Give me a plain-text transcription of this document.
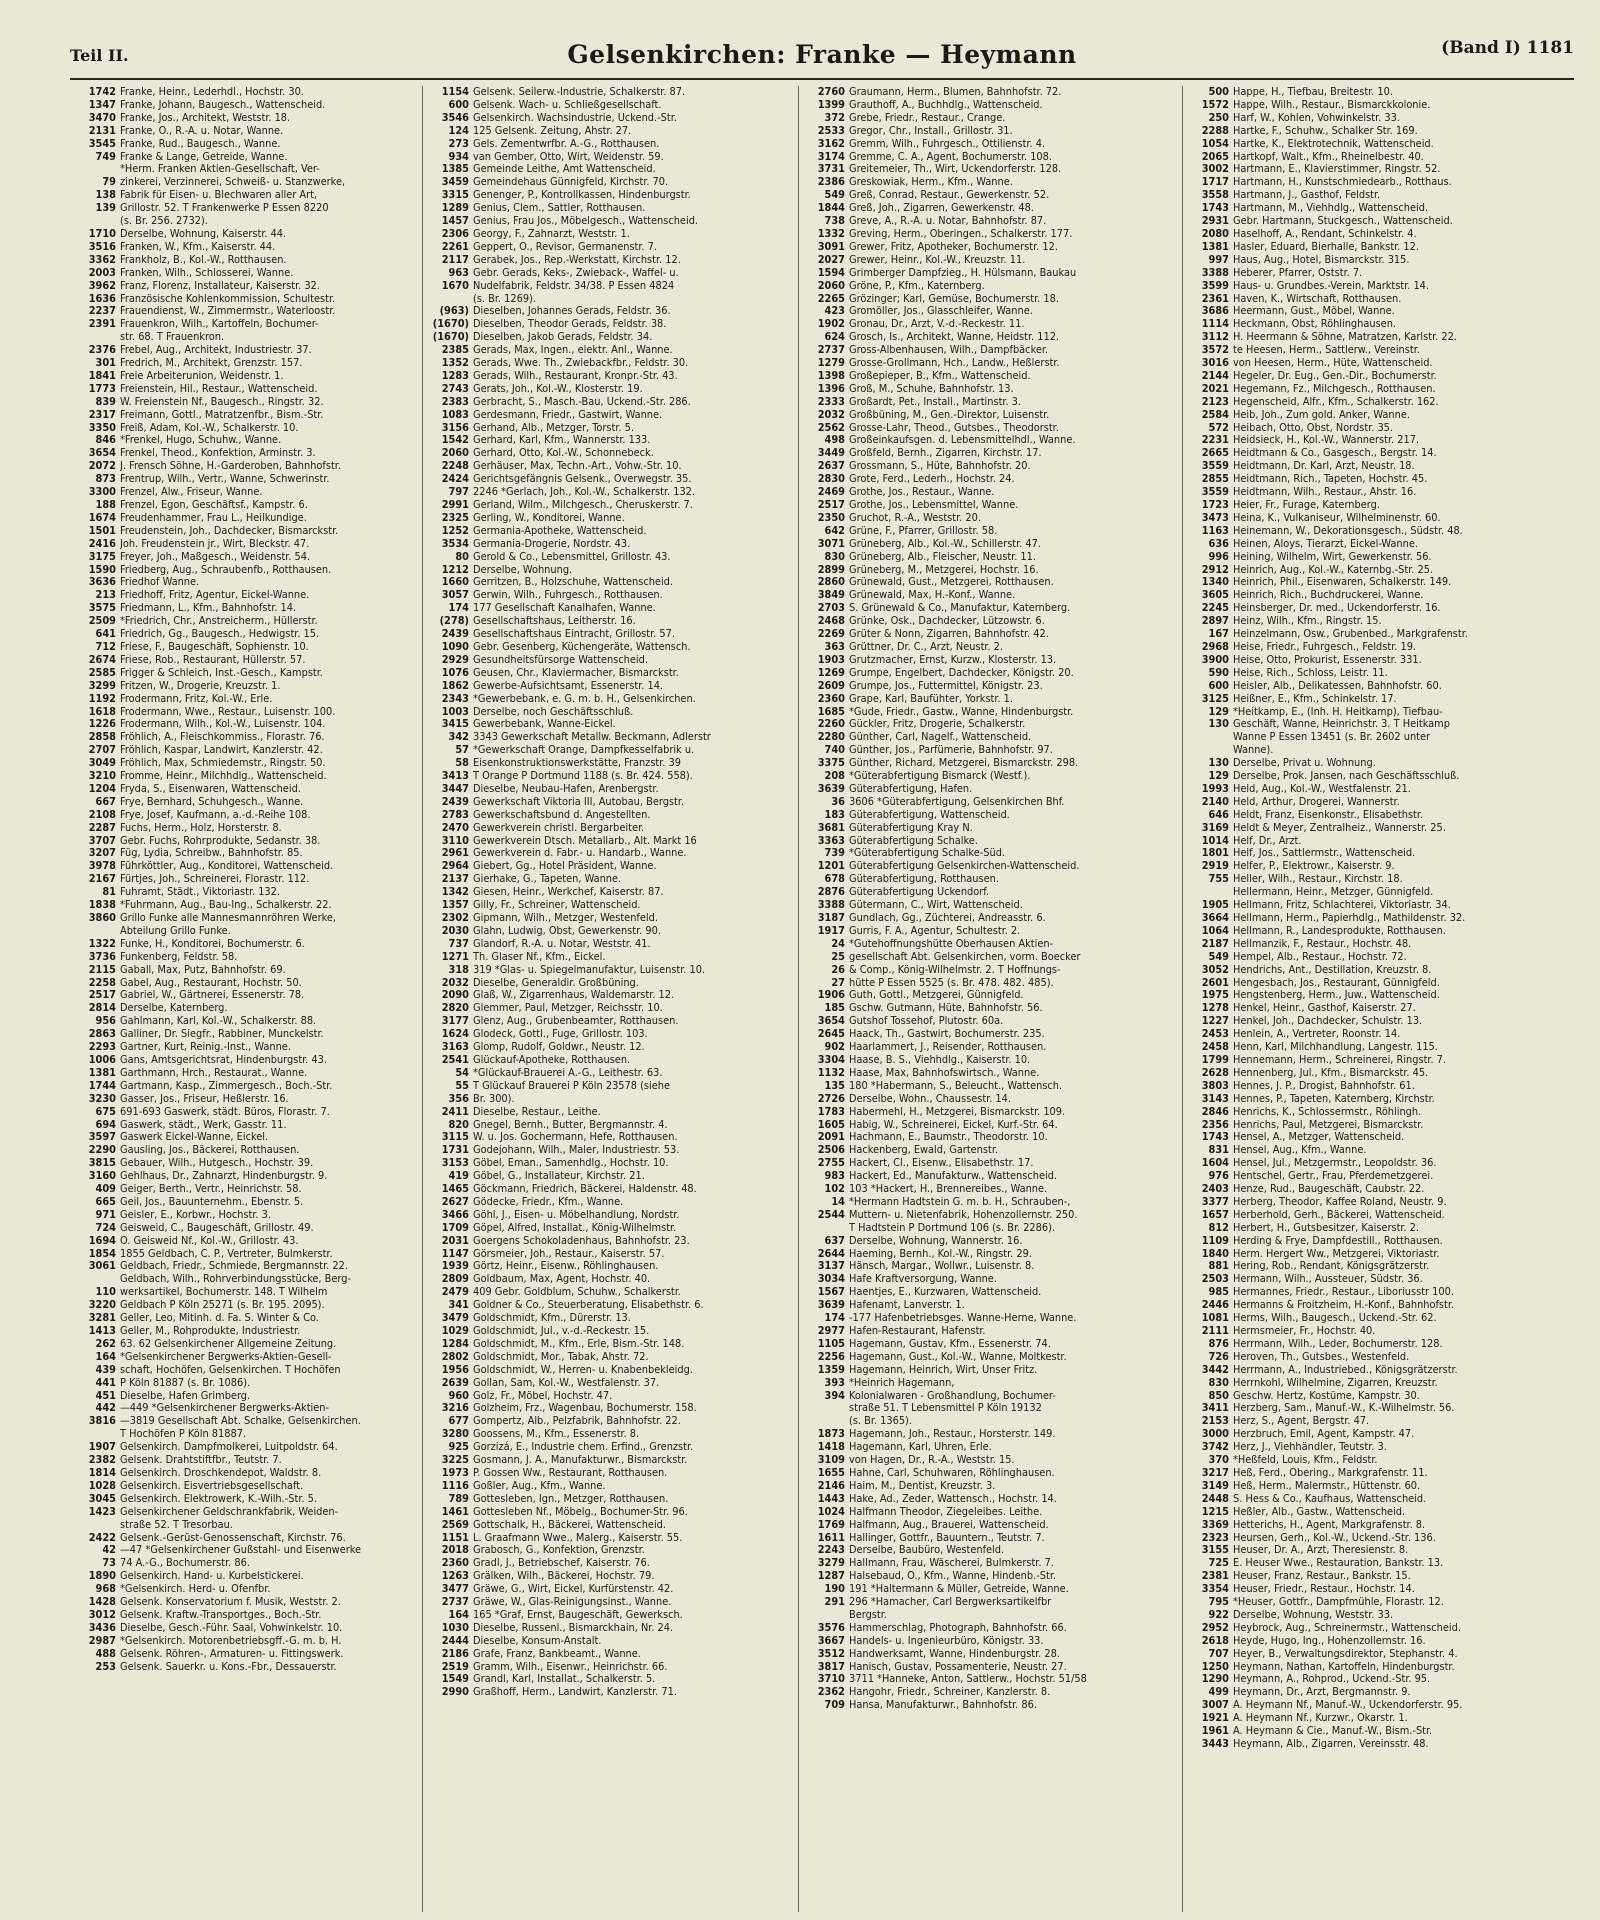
Teil II.	Gelsenkirchen: Franke — Heymann	(Band I) 1181
1742 Franke, Heinr., Lederhdl., Hochstr. 30.
1347 Franke, Johann, Baugesch., Wattenscheid.
3470 Franke, Jos., Architekt, Weststr. 18.
2131 Franke, O., R.-A. u. Notar, Wanne.
3545 Franke, Rud., Baugesch., Wanne.
749 Franke & Lange, Getreide, Wanne.
*Herm. Franken Aktien-Gesellschaft, Ver-
79 zinkerei, Verzinnerei, Schweiß- u. Stanzwerke,
138 Fabrik für Eisen- u. Blechwaren aller Art,
139 Grillostr. 52. T Frankenwerke P Essen 8220
(s. Br. 256. 2732).
1710 Derselbe, Wohnung, Kaiserstr. 44.
3516 Franken, W., Kfm., Kaiserstr. 44.
3362 Frankholz, B., Kol.-W., Rotthausen.
2003 Franken, Wilh., Schlosserei, Wanne.
3962 Franz, Florenz, Installateur, Kaiserstr. 32.
1636 Französische Kohlenkommission, Schultestr.
2237 Frauendienst, W., Zimmermstr., Waterloostr.
2391 Frauenkron, Wilh., Kartoffeln, Bochumer-
str. 68. T Frauenkron.
2376 Frebel, Aug., Architekt, Industriestr. 37.
301 Fredrich, M., Architekt, Grenzstr. 157.
1841 Freie Arbeiterunion, Weidenstr. 1.
1773 Freienstein, Hil., Restaur., Wattenscheid.
839 W. Freienstein Nf., Baugesch., Ringstr. 32.
2317 Freimann, Gottl., Matratzenfbr., Bism.-Str.
3350 Freiß, Adam, Kol.-W., Schalkerstr. 10.
846 *Frenkel, Hugo, Schuhw., Wanne.
3654 Frenkel, Theod., Konfektion, Arminstr. 3.
2072 J. Frensch Söhne, H.-Garderoben, Bahnhofstr.
873 Frentrup, Wilh., Vertr., Wanne, Schwerinstr.
3300 Frenzel, Alw., Friseur, Wanne.
188 Frenzel, Egon, Geschäftsf., Kampstr. 6.
1674 Freudenhammer, Frau L., Heilkundige.
1501 Freudenstein, Joh., Dachdecker, Bismarckstr.
2416 Joh. Freudenstein jr., Wirt, Bleckstr. 47.
3175 Freyer, Joh., Maßgesch., Weidenstr. 54.
1590 Friedberg, Aug., Schraubenfb., Rotthausen.
3636 Friedhof Wanne.
213 Friedhoff, Fritz, Agentur, Eickel-Wanne.
3575 Friedmann, L., Kfm., Bahnhofstr. 14.
2509 *Friedrich, Chr., Anstreicherm., Hüllerstr.
641 Friedrich, Gg., Baugesch., Hedwigstr. 15.
712 Friese, F., Baugeschäft, Sophienstr. 10.
2674 Friese, Rob., Restaurant, Hüllerstr. 57.
2585 Frigger & Schleich, Inst.-Gesch., Kampstr.
3299 Fritzen, W., Drogerie, Kreuzstr. 1.
1192 Frodermann, Fritz, Kol.-W., Erle.
1618 Frodermann, Wwe., Restaur., Luisenstr. 100.
1226 Frodermann, Wilh., Kol.-W., Luisenstr. 104.
2858 Fröhlich, A., Fleischkommiss., Florastr. 76.
2707 Fröhlich, Kaspar, Landwirt, Kanzlerstr. 42.
3049 Fröhlich, Max, Schmiedemstr., Ringstr. 50.
3210 Fromme, Heinr., Milchhdlg., Wattenscheid.
1204 Fryda, S., Eisenwaren, Wattenscheid.
667 Frye, Bernhard, Schuhgesch., Wanne.
2108 Frye, Josef, Kaufmann, a.-d.-Reihe 108.
2287 Fuchs, Herm., Holz, Horsterstr. 8.
3707 Gebr. Fuchs, Rohrprodukte, Sedanstr. 38.
3207 Füg, Lydia, Schreibw., Bahnhofstr. 85.
3978 Führköttler, Aug., Konditorei, Wattenscheid.
2167 Fürtjes, Joh., Schreinerei, Florastr. 112.
81 Fuhramt, Städt., Viktoriastr. 132.
1838 *Fuhrmann, Aug., Bau-Ing., Schalkerstr. 22.
3860 Grillo Funke alle Mannesmannröhren Werke,
Abteilung Grillo Funke.
1322 Funke, H., Konditorei, Bochumerstr. 6.
3736 Funkenberg, Feldstr. 58.
2115 Gaball, Max, Putz, Bahnhofstr. 69.
2258 Gabel, Aug., Restaurant, Hochstr. 50.
2517 Gabriel, W., Gärtnerei, Essenerstr. 78.
2814 Derselbe, Katernberg.
956 Gahlmann, Karl, Kol.-W., Schalkerstr. 88.
2863 Galliner, Dr. Siegfr., Rabbiner, Munckelstr.
2293 Gartner, Kurt, Reinig.-Inst., Wanne.
1006 Gans, Amtsgerichtsrat, Hindenburgstr. 43.
1381 Garthmann, Hrch., Restaurat., Wanne.
1744 Gartmann, Kasp., Zimmergesch., Boch.-Str.
3230 Gasser, Jos., Friseur, Heßlerstr. 16.
675 691-693 Gaswerk, städt. Büros, Florastr. 7.
694 Gaswerk, städt., Werk, Gasstr. 11.
3597 Gaswerk Eickel-Wanne, Eickel.
2290 Gausling, Jos., Bäckerei, Rotthausen.
3815 Gebauer, Wilh., Hutgesch., Hochstr. 39.
3160 Gehlhaus, Dr., Zahnarzt, Hindenburgstr. 9.
409 Geiger, Berth., Vertr., Heinrichstr. 58.
665 Geil, Jos., Bauunternehm., Ebenstr. 5.
971 Geisler, E., Korbwr., Hochstr. 3.
724 Geisweid, C., Baugeschäft, Grillostr. 49.
1694 O. Geisweid Nf., Kol.-W., Grillostr. 43.
1854 1855 Geldbach, C. P., Vertreter, Bulmkerstr.
3061 Geldbach, Friedr., Schmiede, Bergmannstr. 22.
Geldbach, Wilh., Rohrverbindungsstücke, Berg-
110 werksartikel, Bochumerstr. 148. T Wilhelm
3220 Geldbach P Köln 25271 (s. Br. 195. 2095).
3281 Geller, Leo, Mitinh. d. Fa. S. Winter & Co.
1413 Geller, M., Rohprodukte, Industriestr.
262 63. 62 Gelsenkirchener Allgemeine Zeitung.
164 *Gelsenkirchener Bergwerks-Aktien-Gesell-
439 schaft, Hochöfen, Gelsenkirchen. T Hochöfen
441 P Köln 81887 (s. Br. 1086).
451 Dieselbe, Hafen Grimberg.
442 —449 *Gelsenkirchener Bergwerks-Aktien-
3816 —3819 Gesellschaft Abt. Schalke, Gelsenkirchen.
T Hochöfen P Köln 81887.
1907 Gelsenkirch. Dampfmolkerei, Luitpoldstr. 64.
2382 Gelsenk. Drahtstiftfbr., Teutstr. 7.
1814 Gelsenkirch. Droschkendepot, Waldstr. 8.
1028 Gelsenkirch. Eisvertriebsgesellschaft.
3045 Gelsenkirch. Elektrowerk, K.-Wilh.-Str. 5.
1423 Gelsenkirchener Geldschrankfabrik, Weiden-
straße 52. T Tresorbau.
2422 Gelsenk.-Gerüst-Genossenschaft, Kirchstr. 76.
42 —47 *Gelsenkirchener Gußstahl- und Eisenwerke
73 74 A.-G., Bochumerstr. 86.
1890 Gelsenkirch. Hand- u. Kurbelstickerei.
968 *Gelsenkirch. Herd- u. Ofenfbr.
1428 Gelsenk. Konservatorium f. Musik, Weststr. 2.
3012 Gelsenk. Kraftw.-Transportges., Boch.-Str.
3436 Dieselbe, Gesch.-Führ. Saal, Vohwinkelstr. 10.
2987 *Gelsenkirch. Motorenbetriebsgff.-G. m. b. H.
488 Gelsenk. Röhren-, Armaturen- u. Fittingswerk.
253 Gelsenk. Sauerkr. u. Kons.-Fbr., Dessauerstr.
1154 Gelsenk. Seilerw.-Industrie, Schalkerstr. 87.
600 Gelsenk. Wach- u. Schließgesellschaft.
3546 Gelsenkirch. Wachsindustrie, Ückend.-Str.
124 125 Gelsenk. Zeitung, Ahstr. 27.
273 Gels. Zementwrfbr. A.-G., Rotthausen.
934 van Gember, Otto, Wirt, Weidenstr. 59.
1385 Gemeinde Leithe, Amt Wattenscheid.
3459 Gemeindehaus Günnigfeld, Kirchstr. 70.
3315 Genenger, P., Kontrollkassen, Hindenburgstr.
1289 Genius, Clem., Sattler, Rotthausen.
1457 Genius, Frau Jos., Möbelgesch., Wattenscheid.
2306 Georgy, F., Zahnarzt, Weststr. 1.
2261 Geppert, O., Revisor, Germanenstr. 7.
2117 Gerabek, Jos., Rep.-Werkstatt, Kirchstr. 12.
963 Gebr. Gerads, Keks-, Zwieback-, Waffel- u.
1670 Nudelfabrik, Feldstr. 34/38. P Essen 4824
(s. Br. 1269).
(963) Dieselben, Johannes Gerads, Feldstr. 36.
(1670) Dieselben, Theodor Gerads, Feldstr. 38.
(1670) Dieselben, Jakob Gerads, Feldstr. 34.
2385 Gerads, Max, Ingen., elektr. Anl., Wanne.
1352 Gerads, Wwe. Th., Zwiebackfbr., Feldstr. 30.
1283 Gerads, Wilh., Restaurant, Kronpr.-Str. 43.
2743 Gerats, Joh., Kol.-W., Klosterstr. 19.
2383 Gerbracht, S., Masch.-Bau, Ückend.-Str. 286.
1083 Gerdesmann, Friedr., Gastwirt, Wanne.
3156 Gerhand, Alb., Metzger, Torstr. 5.
1542 Gerhard, Karl, Kfm., Wannerstr. 133.
2060 Gerhard, Otto, Kol.-W., Schonnebeck.
2248 Gerhäuser, Max, Techn.-Art., Vohw.-Str. 10.
2424 Gerichtsgefängnis Gelsenk., Overwegstr. 35.
797 2246 *Gerlach, Joh., Kol.-W., Schalkerstr. 132.
2991 Gerland, Wilm., Milchgesch., Cheruskerstr. 7.
2325 Gerling, W., Konditorei, Wanne.
1252 Germania-Apotheke, Wattenscheid.
3534 Germania-Drogerie, Nordstr. 43.
80 Gerold & Co., Lebensmittel, Grillostr. 43.
1212 Derselbe, Wohnung.
1660 Gerritzen, B., Holzschuhe, Wattenscheid.
3057 Gerwin, Wilh., Fuhrgesch., Rotthausen.
174 177 Gesellschaft Kanalhafen, Wanne.
(278) Gesellschaftshaus, Leitherstr. 16.
2439 Gesellschaftshaus Eintracht, Grillostr. 57.
1090 Gebr. Gesenberg, Küchengeräte, Wattensch.
2929 Gesundheitsfürsorge Wattenscheid.
1076 Geusen, Chr., Klaviermacher, Bismarckstr.
1862 Gewerbe-Aufsichtsamt, Essenerstr. 14.
2343 *Gewerbebank, e. G. m. b. H., Gelsenkirchen.
1003 Derselbe, noch Geschäftsschluß.
3415 Gewerbebank, Wanne-Eickel.
342 3343 Gewerkschaft Metallw. Beckmann, Adlerstr
57 *Gewerkschaft Orange, Dampfkesselfabrik u.
58 Eisenkonstruktionswerkstätte, Franzstr. 39
3413 T Orange P Dortmund 1188 (s. Br. 424. 558).
3447 Dieselbe, Neubau-Hafen, Arenbergstr.
2439 Gewerkschaft Viktoria III, Autobau, Bergstr.
2783 Gewerkschaftsbund d. Angestellten.
2470 Gewerkverein christl. Bergarbeiter.
3110 Gewerkverein Dtsch. Metallarb., Alt. Markt 16
2961 Gewerkverein d. Fabr.- u. Handarb., Wanne.
2964 Giebert, Gg., Hotel Präsident, Wanne.
2137 Gierhake, G., Tapeten, Wanne.
1342 Giesen, Heinr., Werkchef, Kaiserstr. 87.
1357 Gilly, Fr., Schreiner, Wattenscheid.
2302 Gipmann, Wilh., Metzger, Westenfeld.
2030 Glahn, Ludwig, Obst, Gewerkenstr. 90.
737 Glandorf, R.-A. u. Notar, Weststr. 41.
1271 Th. Glaser Nf., Kfm., Eickel.
318 319 *Glas- u. Spiegelmanufaktur, Luisenstr. 10.
2032 Dieselbe, Generaldir. Großbüning.
2090 Glaß, W., Zigarrenhaus, Waldemarstr. 12.
2820 Glemmer, Paul, Metzger, Reichsstr. 10.
3177 Glenz, Aug., Grubenbeamter, Rotthausen.
1624 Glodeck, Gottl., Fuge, Grillostr. 103.
3163 Glomp, Rudolf, Goldwr., Neustr. 12.
2541 Glückauf-Apotheke, Rotthausen.
54 *Glückauf-Brauerei A.-G., Leithestr. 63.
55 T Glückauf Brauerei P Köln 23578 (siehe
356 Br. 300).
2411 Dieselbe, Restaur., Leithe.
820 Gnegel, Bernh., Butter, Bergmannstr. 4.
3115 W. u. Jos. Gochermann, Hefe, Rotthausen.
1731 Godejohann, Wilh., Maler, Industriestr. 53.
3153 Göbel, Eman., Samenhdlg., Hochstr. 10.
419 Göbel, G., Installateur, Kirchstr. 21.
1465 Göckmann, Friedrich, Bäckerei, Haldenstr. 48.
2627 Gödecke, Friedr., Kfm., Wanne.
3466 Göhl, J., Eisen- u. Möbelhandlung, Nordstr.
1709 Göpel, Alfred, Installat., König-Wilhelmstr.
2031 Goergens Schokoladenhaus, Bahnhofstr. 23.
1147 Görsmeier, Joh., Restaur., Kaiserstr. 57.
1939 Görtz, Heinr., Eisenw., Röhlinghausen.
2809 Goldbaum, Max, Agent, Hochstr. 40.
2479 409 Gebr. Goldblum, Schuhw., Schalkerstr.
341 Goldner & Co., Steuerberatung, Elisabethstr. 6.
3479 Goldschmidt, Kfm., Dürerstr. 13.
1029 Goldschmidt, Jul., v.-d.-Reckestr. 15.
1284 Goldschmidt, M., Kfm., Erle, Bism.-Str. 148.
2802 Goldschmidt, Mor., Tabak, Ahstr. 72.
1956 Goldschmidt, W., Herren- u. Knabenbekleidg.
2639 Gollan, Sam, Kol.-W., Westfalenstr. 37.
960 Golz, Fr., Möbel, Hochstr. 47.
3216 Golzheim, Frz., Wagenbau, Bochumerstr. 158.
677 Gompertz, Alb., Pelzfabrik, Bahnhofstr. 22.
3280 Goossens, M., Kfm., Essenerstr. 8.
925 Gorzizá, E., Industrie chem. Erfind., Grenzstr.
3225 Gosmann, J. A., Manufakturwr., Bismarckstr.
1973 P. Gossen Ww., Restaurant, Rotthausen.
1116 Goßler, Aug., Kfm., Wanne.
789 Gottesleben, Ign., Metzger, Rotthausen.
1461 Gottesleben Nf., Möbelg., Bochumer-Str. 96.
2569 Gottschalk, H., Bäckerei, Wattenscheid.
1151 L. Graafmann Wwe., Malerg., Kaiserstr. 55.
2018 Grabosch, G., Konfektion, Grenzstr.
2360 Gradl, J., Betriebschef, Kaiserstr. 76.
1263 Grälken, Wilh., Bäckerei, Hochstr. 79.
3477 Gräwe, G., Wirt, Eickel, Kurfürstenstr. 42.
2737 Gräwe, W., Glas-Reinigungsinst., Wanne.
164 165 *Graf, Ernst, Baugeschäft, Gewerksch.
1030 Dieselbe, Russenl., Bismarckhain, Nr. 24.
2444 Dieselbe, Konsum-Anstalt.
2186 Grafe, Franz, Bankbeamt., Wanne.
2519 Gramm, Wilh., Eisenwr., Heinrichstr. 66.
1549 Grandl, Karl, Installat., Schalkerstr. 5.
2990 Graßhoff, Herm., Landwirt, Kanzlerstr. 71.
2760 Graumann, Herm., Blumen, Bahnhofstr. 72.
1399 Grauthoff, A., Buchhdlg., Wattenscheid.
372 Grebe, Friedr., Restaur., Crange.
2533 Gregor, Chr., Install., Grillostr. 31.
3162 Gremm, Wilh., Fuhrgesch., Ottilienstr. 4.
3174 Gremme, C. A., Agent, Bochumerstr. 108.
3731 Greitemeier, Th., Wirt, Ückendorferstr. 128.
2386 Greskowiak, Herm., Kfm., Wanne.
549 Greß, Conrad, Restaur., Gewerkenstr. 52.
1844 Greß, Joh., Zigarren, Gewerkenstr. 48.
738 Greve, A., R.-A. u. Notar, Bahnhofstr. 87.
1332 Greving, Herm., Oberingen., Schalkerstr. 177.
3091 Grewer, Fritz, Apotheker, Bochumerstr. 12.
2027 Grewer, Heinr., Kol.-W., Kreuzstr. 11.
1594 Grimberger Dampfzieg., H. Hülsmann, Baukau
2060 Gröne, P., Kfm., Katernberg.
2265 Grözinger; Karl, Gemüse, Bochumerstr. 18.
423 Gromöller, Jos., Glasschleifer, Wanne.
1902 Gronau, Dr., Arzt, V.-d.-Reckestr. 11.
624 Grosch, Is., Architekt, Wanne, Heidstr. 112.
2737 Gross-Albenhausen, Wilh., Dampfbäcker.
1279 Grosse-Grollmann, Hch., Landw., Heßlerstr.
1398 Großepieper, B., Kfm., Wattenscheid.
1396 Groß, M., Schuhe, Bahnhofstr. 13.
2333 Großardt, Pet., Install., Martinstr. 3.
2032 Großbüning, M., Gen.-Direktor, Luisenstr.
2562 Grosse-Lahr, Theod., Gutsbes., Theodorstr.
498 Großeinkaufsgen. d. Lebensmittelhdl., Wanne.
3449 Großfeld, Bernh., Zigarren, Kirchstr. 17.
2637 Grossmann, S., Hüte, Bahnhofstr. 20.
2830 Grote, Ferd., Lederh., Hochstr. 24.
2469 Grothe, Jos., Restaur., Wanne.
2517 Grothe, Jos., Lebensmittel, Wanne.
2350 Gruchot, R.-A., Weststr. 20.
642 Grüne, F., Pfarrer, Grillostr. 58.
3071 Grüneberg, Alb., Kol.-W., Schillerstr. 47.
830 Grüneberg, Alb., Fleischer, Neustr. 11.
2899 Grüneberg, M., Metzgerei, Hochstr. 16.
2860 Grünewald, Gust., Metzgerei, Rotthausen.
3849 Grünewald, Max, H.-Konf., Wanne.
2703 S. Grünewald & Co., Manufaktur, Katernberg.
2468 Grünke, Osk., Dachdecker, Lützowstr. 6.
2269 Grüter & Nonn, Zigarren, Bahnhofstr. 42.
363 Grüttner, Dr. C., Arzt, Neustr. 2.
1903 Grutzmacher, Ernst, Kurzw., Klosterstr. 13.
1269 Grumpe, Engelbert, Dachdecker, Königstr. 20.
2609 Grumpe, Jos., Futtermittel, Königstr. 23.
2360 Grape, Karl, Baufühter, Yorkstr. 1.
1685 *Gude, Friedr., Gastw., Wanne, Hindenburgstr.
2260 Gückler, Fritz, Drogerie, Schalkerstr.
2280 Günther, Carl, Nagelf., Wattenscheid.
740 Günther, Jos., Parfümerie, Bahnhofstr. 97.
3375 Günther, Richard, Metzgerei, Bismarckstr. 298.
208 *Güterabfertigung Bismarck (Westf.).
3639 Güterabfertigung, Hafen.
36 3606 *Güterabfertigung, Gelsenkirchen Bhf.
183 Güterabfertigung, Wattenscheid.
3681 Güterabfertigung Kray N.
3363 Güterabfertigung Schalke.
739 *Güterabfertigung Schalke-Süd.
1201 Güterabfertigung Gelsenkirchen-Wattenscheid.
678 Güterabfertigung, Rotthausen.
2876 Güterabfertigung Ückendorf.
3388 Gütermann, C., Wirt, Wattenscheid.
3187 Gundlach, Gg., Züchterei, Andreasstr. 6.
1917 Gurris, F. A., Agentur, Schultestr. 2.
24 *Gutehoffnungshütte Oberhausen Aktien-
25 gesellschaft Abt. Gelsenkirchen, vorm. Boecker
26 & Comp., König-Wilhelmstr. 2. T Hoffnungs-
27 hütte P Essen 5525 (s. Br. 478. 482. 485).
1906 Guth, Gottl., Metzgerei, Günnigfeld.
185 Gschw. Gutmann, Hüte, Bahnhofstr. 56.
3654 Gutshof Tossehof, Plutostr. 60a.
2645 Haack, Th., Gastwirt, Bochumerstr. 235.
902 Haarlammert, J., Reisender, Rotthausen.
3304 Haase, B. S., Viehhdlg., Kaiserstr. 10.
1132 Haase, Max, Bahnhofswirtsch., Wanne.
135 180 *Habermann, S., Beleucht., Wattensch.
2726 Derselbe, Wohn., Chaussestr. 14.
1783 Habermehl, H., Metzgerei, Bismarckstr. 109.
1605 Habig, W., Schreinerei, Eickel, Kurf.-Str. 64.
2091 Hachmann, E., Baumstr., Theodorstr. 10.
2506 Hackenberg, Ewald, Gartenstr.
2755 Hackert, Cl., Eisenw., Elisabethstr. 17.
983 Hackert, Ed., Manufakturw., Wattenscheid.
102 103 *Hackert, H., Brennereibes., Wanne.
14 *Hermann Hadtstein G. m. b. H., Schrauben-,
2544 Muttern- u. Nietenfabrik, Hohenzollernstr. 250.
T Hadtstein P Dortmund 106 (s. Br. 2286).
637 Derselbe, Wohnung, Wannerstr. 16.
2644 Haeming, Bernh., Kol.-W., Ringstr. 29.
3137 Hänsch, Margar., Wollwr., Luisenstr. 8.
3034 Hafe Kraftversorgung, Wanne.
1567 Haentjes, E., Kurzwaren, Wattenscheid.
3639 Hafenamt, Lanverstr. 1.
174 -177 Hafenbetriebsges. Wanne-Herne, Wanne.
2977 Hafen-Restaurant, Hafenstr.
1105 Hagemann, Gustav, Kfm., Essenerstr. 74.
2256 Hagemann, Gust., Kol.-W., Wanne, Moltkestr.
1359 Hagemann, Heinrich, Wirt, Unser Fritz.
393 *Heinrich Hagemann,
394 Kolonialwaren - Großhandlung, Bochumer-
straße 51. T Lebensmittel P Köln 19132
(s. Br. 1365).
1873 Hagemann, Joh., Restaur., Horsterstr. 149.
1418 Hagemann, Karl, Uhren, Erle.
3109 von Hagen, Dr., R.-A., Weststr. 15.
1655 Hahne, Carl, Schuhwaren, Röhlinghausen.
2146 Haim, M., Dentist, Kreuzstr. 3.
1443 Hake, Ad., Zeder, Wattensch., Hochstr. 14.
1024 Halfmann Theodor, Ziegeleibes. Leithe.
1769 Halfmann, Aug., Brauerei, Wattenscheid.
1611 Hallinger, Gottfr., Bauuntern., Teutstr. 7.
2243 Derselbe, Baubüro, Westenfeld.
3279 Hallmann, Frau, Wäscherei, Bulmkerstr. 7.
1287 Halsebaud, O., Kfm., Wanne, Hindenb.-Str.
190 191 *Haltermann & Müller, Getreide, Wanne.
291 296 *Hamacher, Carl Bergwerksartikelfbr
Bergstr.
3576 Hammerschlag, Photograph, Bahnhofstr. 66.
3667 Handels- u. Ingenieurbüro, Königstr. 33.
3512 Handwerksamt, Wanne, Hindenburgstr. 28.
3817 Hanisch, Gustav, Possamenterie, Neustr. 27.
3710 3711 *Hanneke, Anton, Sattlerw., Hochstr. 51/58
2362 Hangohr, Friedr., Schreiner, Kanzlerstr. 8.
709 Hansa, Manufakturwr., Bahnhofstr. 86.
500 Happe, H., Tiefbau, Breitestr. 10.
1572 Happe, Wilh., Restaur., Bismarckkolonie.
250 Harf, W., Kohlen, Vohwinkelstr. 33.
2288 Hartke, F., Schuhw., Schalker Str. 169.
1054 Hartke, K., Elektrotechnik, Wattenscheid.
2065 Hartkopf, Walt., Kfm., Rheinelbestr. 40.
3002 Hartmann, E., Klavierstimmer, Ringstr. 52.
1717 Hartmann, H., Kunstschmiedearb., Rotthaus.
3558 Hartmann, J., Gasthof, Feldstr.
1743 Hartmann, M., Viehhdlg., Wattenscheid.
2931 Gebr. Hartmann, Stuckgesch., Wattenscheid.
2080 Haselhoff, A., Rendant, Schinkelstr. 4.
1381 Hasler, Eduard, Bierhalle, Bankstr. 12.
997 Haus, Aug., Hotel, Bismarckstr. 315.
3388 Heberer, Pfarrer, Oststr. 7.
3599 Haus- u. Grundbes.-Verein, Marktstr. 14.
2361 Haven, K., Wirtschaft, Rotthausen.
3686 Heermann, Gust., Möbel, Wanne.
1114 Heckmann, Obst, Röhlinghausen.
3112 H. Heermann & Söhne, Matratzen, Karlstr. 22.
3572 te Heesen, Herm., Sattlerw., Vereinstr.
3016 von Heesen, Herm., Hüte, Wattenscheid.
2144 Hegeler, Dr. Eug., Gen.-Dir., Bochumerstr.
2021 Hegemann, Fz., Milchgesch., Rotthausen.
2123 Hegenscheid, Alfr., Kfm., Schalkerstr. 162.
2584 Heib, Joh., Zum gold. Anker, Wanne.
572 Heibach, Otto, Obst, Nordstr. 35.
2231 Heidsieck, H., Kol.-W., Wannerstr. 217.
2665 Heidtmann & Co., Gasgesch., Bergstr. 14.
3559 Heidtmann, Dr. Karl, Arzt, Neustr. 18.
2855 Heidtmann, Rich., Tapeten, Hochstr. 45.
3559 Heidtmann, Wilh., Restaur., Ahstr. 16.
1723 Heier, Fr., Furage, Katernberg.
3473 Heina, K., Vulkaniseur, Wilhelminenstr. 60.
1163 Heinemann, W., Dekorationsgesch., Südstr. 48.
636 Heinen, Aloys, Tierarzt, Eickel-Wanne.
996 Heining, Wilhelm, Wirt, Gewerkenstr. 56.
2912 Heinrich, Aug., Kol.-W., Katernbg.-Str. 25.
1340 Heinrich, Phil., Eisenwaren, Schalkerstr. 149.
3605 Heinrich, Rich., Buchdruckerei, Wanne.
2245 Heinsberger, Dr. med., Ückendorferstr. 16.
2897 Heinz, Wilh., Kfm., Ringstr. 15.
167 Heinzelmann, Osw., Grubenbed., Markgrafenstr.
2968 Heise, Friedr., Fuhrgesch., Feldstr. 19.
3900 Heise, Otto, Prokurist, Essenerstr. 331.
590 Heise, Rich., Schloss, Leistr. 11.
600 Heisler, Alb., Delikatessen, Bahnhofstr. 60.
3125 Heißner, E., Kfm., Schinkelstr. 17.
129 *Heitkamp, E., (Inh. H. Heitkamp), Tiefbau-
130 Geschäft, Wanne, Heinrichstr. 3. T Heitkamp
Wanne P Essen 13451 (s. Br. 2602 unter
Wanne).
130 Derselbe, Privat u. Wohnung.
129 Derselbe, Prok. Jansen, nach Geschäftsschluß.
1993 Held, Aug., Kol.-W., Westfalenstr. 21.
2140 Held, Arthur, Drogerei, Wannerstr.
646 Heldt, Franz, Eisenkonstr., Elisabethstr.
3169 Heldt & Meyer, Zentralheiz., Wannerstr. 25.
1014 Helf, Dr., Arzt.
1801 Helf, Jos., Sattlermstr., Wattenscheid.
2919 Helfer, P., Elektrowr., Kaiserstr. 9.
755 Heller, Wilh., Restaur., Kirchstr. 18.
Hellermann, Heinr., Metzger, Günnigfeld.
1905 Hellmann, Fritz, Schlachterei, Viktoriastr. 34.
3664 Hellmann, Herm., Papierhdlg., Mathildenstr. 32.
1064 Hellmann, R., Landesprodukte, Rotthausen.
2187 Hellmanzik, F., Restaur., Hochstr. 48.
549 Hempel, Alb., Restaur., Hochstr. 72.
3052 Hendrichs, Ant., Destillation, Kreuzstr. 8.
2601 Hengesbach, Jos., Restaurant, Günnigfeld.
1975 Hengstenberg, Herm., Juw., Wattenscheid.
1278 Henkel, Heinr., Gasthof, Kaiserstr. 27.
1227 Henkel, Joh., Dachdecker, Schulstr. 13.
2453 Henlein, A., Vertreter, Roonstr. 14.
2458 Henn, Karl, Milchhandlung, Langestr. 115.
1799 Hennemann, Herm., Schreinerei, Ringstr. 7.
2628 Hennenberg, Jul., Kfm., Bismarckstr. 45.
3803 Hennes, J. P., Drogist, Bahnhofstr. 61.
3143 Hennes, P., Tapeten, Katernberg, Kirchstr.
2846 Henrichs, K., Schlossermstr., Röhlingh.
2356 Henrichs, Paul, Metzgerei, Bismarckstr.
1743 Hensel, A., Metzger, Wattenscheid.
831 Hensel, Aug., Kfm., Wanne.
1604 Hensel, Jul., Metzgermstr., Leopoldstr. 36.
976 Hentschel, Gertr., Frau, Pferdemetzgerei.
2403 Henze, Rud., Baugeschäft, Caubstr. 22.
3377 Herberg, Theodor, Kaffee Roland, Neustr. 9.
1657 Herberhold, Gerh., Bäckerei, Wattenscheid.
812 Herbert, H., Gutsbesitzer, Kaiserstr. 2.
1109 Herding & Frye, Dampfdestill., Rotthausen.
1840 Herm. Hergert Ww., Metzgerei, Viktoriastr.
881 Hering, Rob., Rendant, Königsgrätzerstr.
2503 Hermann, Wilh., Aussteuer, Südstr. 36.
985 Hermannes, Friedr., Restaur., Liboriusstr 100.
2446 Hermanns & Froitzheim, H.-Konf., Bahnhofstr.
1081 Herms, Wilh., Baugesch., Ückend.-Str. 62.
2111 Hermsmeier, Fr., Hochstr. 40.
876 Herrmann, Wilh., Leder, Bochumerstr. 128.
726 Heroven, Th., Gutsbes., Westenfeld.
3442 Herrmann, A., Industriebed., Königsgrätzerstr.
830 Herrnkohl, Wilhelmine, Zigarren, Kreuzstr.
850 Geschw. Hertz, Kostüme, Kampstr. 30.
3411 Herzberg, Sam., Manuf.-W., K.-Wilhelmstr. 56.
2153 Herz, S., Agent, Bergstr. 47.
3000 Herzbruch, Emil, Agent, Kampstr. 47.
3742 Herz, J., Viehhändler, Teutstr. 3.
370 *Heßfeld, Louis, Kfm., Feldstr.
3217 Heß, Ferd., Obering., Markgrafenstr. 11.
3149 Heß, Herm., Malermstr., Hüttenstr. 60.
2448 S. Hess & Co., Kaufhaus, Wattenscheid.
1215 Heßler, Alb., Gastw., Wattenscheid.
3369 Hetterichs, H., Agent, Markgrafenstr. 8.
2323 Heursen, Gerh., Kol.-W., Ückend.-Str. 136.
3155 Heuser, Dr. A., Arzt, Theresienstr. 8.
725 E. Heuser Wwe., Restauration, Bankstr. 13.
2381 Heuser, Franz, Restaur., Bankstr. 15.
3354 Heuser, Friedr., Restaur., Hochstr. 14.
795 *Heuser, Gottfr., Dampfmühle, Florastr. 12.
922 Derselbe, Wohnung, Weststr. 33.
2952 Heybrock, Aug., Schreinermstr., Wattenscheid.
2618 Heyde, Hugo, Ing., Hohenzollernstr. 16.
707 Heyer, B., Verwaltungsdirektor, Stephanstr. 4.
1250 Heymann, Nathan, Kartoffeln, Hindenburgstr.
1290 Heymann, A., Rohprod., Ückend.-Str. 95.
499 Heymann, Dr., Arzt, Bergmannstr. 9.
3007 A. Heymann Nf., Manuf.-W., Ückendorferstr. 95.
1921 A. Heymann Nf., Kurzwr., Okarstr. 1.
1961 A. Heymann & Cie., Manuf.-W., Bism.-Str.
3443 Heymann, Alb., Zigarren, Vereinsstr. 48.
